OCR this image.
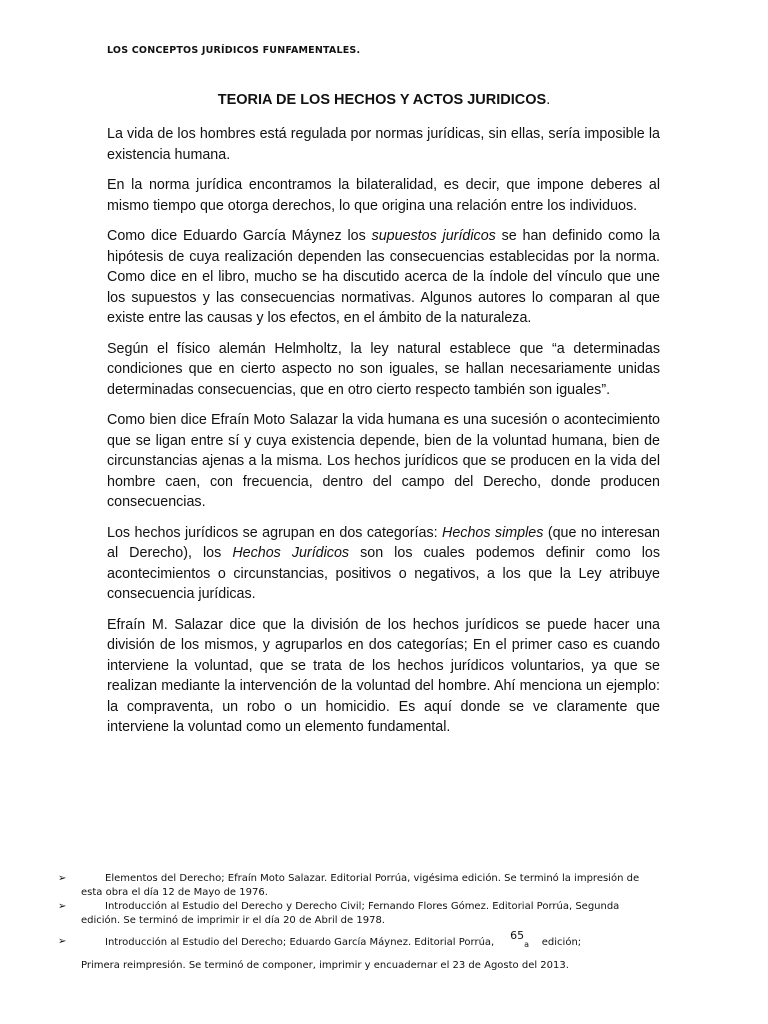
LOS CONCEPTOS JURÍDICOS FUNFAMENTALES.
TEORIA DE LOS HECHOS Y ACTOS JURIDICOS.

La vida de los hombres está regulada por normas jurídicas, sin ellas, sería imposible la existencia humana.

En la norma jurídica encontramos la bilateralidad, es decir, que impone deberes al mismo tiempo que otorga derechos, lo que origina una relación entre los individuos.

Como dice Eduardo García Máynez los supuestos jurídicos se han definido como la hipótesis de cuya realización dependen las consecuencias establecidas por la norma. Como dice en el libro, mucho se ha discutido acerca de la índole del vínculo que une los supuestos y las consecuencias normativas. Algunos autores lo comparan al que existe entre las causas y los efectos, en el ámbito de la naturaleza.

Según el físico alemán Helmholtz, la ley natural establece que “a determinadas condiciones que en cierto aspecto no son iguales, se hallan necesariamente unidas determinadas consecuencias, que en otro cierto respecto también son iguales”.

Como bien dice Efraín Moto Salazar la vida humana es una sucesión o acontecimiento que se ligan entre sí y cuya existencia depende, bien de la voluntad humana, bien de circunstancias ajenas a la misma. Los hechos jurídicos que se producen en la vida del hombre caen, con frecuencia, dentro del campo del Derecho, donde producen consecuencias.

Los hechos jurídicos se agrupan en dos categorías: Hechos simples (que no interesan al Derecho), los Hechos Jurídicos son los cuales podemos definir como los acontecimientos o circunstancias, positivos o negativos, a los que la Ley atribuye consecuencia jurídicas.

Efraín M. Salazar dice que la división de los hechos jurídicos se puede hacer una división de los mismos, y agruparlos en dos categorías; En el primer caso es cuando interviene la voluntad, que se trata de los hechos jurídicos voluntarios, ya que se realizan mediante la intervención de la voluntad del hombre. Ahí menciona un ejemplo: la compraventa, un robo o un homicidio. Es aquí donde se ve claramente que interviene la voluntad como un elemento fundamental.

➢	Elementos del Derecho; Efraín Moto Salazar. Editorial Porrúa, vigésima edición. Se terminó la impresión de esta obra el día 12 de Mayo de 1976.
➢	Introducción al Estudio del Derecho y Derecho Civil; Fernando Flores Gómez. Editorial Porrúa, Segunda edición. Se terminó de imprimir ir el día 20 de Abril de 1978.
➢	Introducción al Estudio del Derecho; Eduardo García Máynez. Editorial Porrúa,     $65_a$ edición;
Primera reimpresión. Se terminó de componer, imprimir y encuadernar el 23 de Agosto del 2013.
